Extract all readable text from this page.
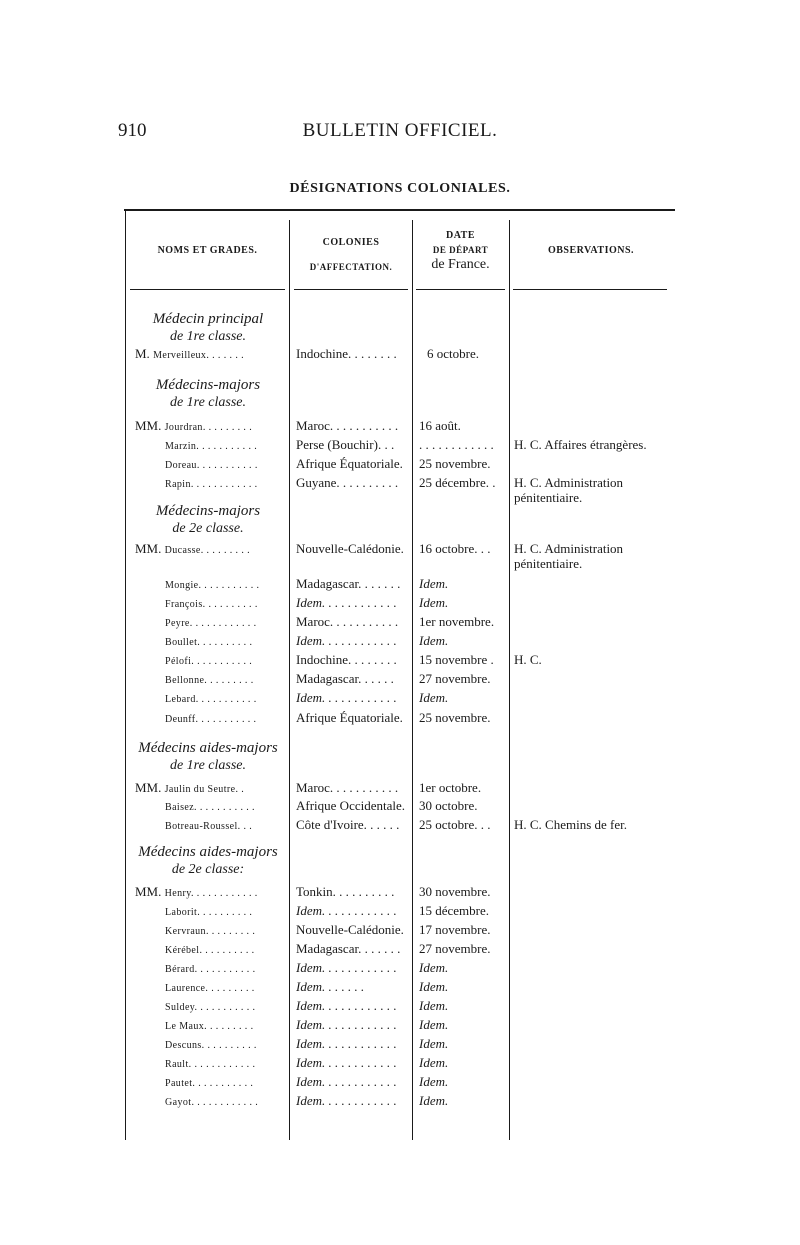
910	BULLETIN OFFICIEL.
DÉSIGNATIONS COLONIALES.
NOMS ET GRADES.
COLONIES
D'AFFECTATION.
DATE
DE DÉPART
de France.
OBSERVATIONS.
Médecin principal
de 1re classe.
Médecins-majors
de 1re classe.
Médecins-majors
de 2e classe.
Médecins aides-majors
de 1re classe.
Médecins aides-majors
de 2e classe:
M. Merveilleux. . . . . . .	Indochine. . . . . . . .	6 octobre.
MM. Jourdran. . . . . . . . .	Maroc. . . . . . . . . . .	16 août.
Marzin. . . . . . . . . . .	Perse (Bouchir). . .	. . . . . . . . . . . .	H. C. Affaires étrangères.
Doreau. . . . . . . . . . .	Afrique Équatoriale.	25 novembre.
Rapin. . . . . . . . . . . .	Guyane. . . . . . . . . .	25 décembre. .	H. C. Administration pénitentiaire.
MM. Ducasse. . . . . . . . .	Nouvelle-Calédonie.	16 octobre. . .	H. C. Administration pénitentiaire.
Mongie. . . . . . . . . . .	Madagascar. . . . . . .	Idem.
François. . . . . . . . . .	Idem. . . . . . . . . . . .	Idem.
Peyre. . . . . . . . . . . .	Maroc. . . . . . . . . . .	1er novembre.
Boullet. . . . . . . . . .	Idem. . . . . . . . . . . .	Idem.
Pélofi. . . . . . . . . . .	Indochine. . . . . . . .	15 novembre .	H. C.
Bellonne. . . . . . . . .	Madagascar. . . . . .	27 novembre.
Lebard. . . . . . . . . . .	Idem. . . . . . . . . . . .	Idem.
Deunff. . . . . . . . . . .	Afrique Équatoriale.	25 novembre.
MM. Jaulin du Seutre. .	Maroc. . . . . . . . . . .	1er octobre.
Baisez. . . . . . . . . . .	Afrique Occidentale. 30 octobre.
Botreau-Roussel. . .	Côte d'Ivoire. . . . . .	25 octobre. . .	H. C. Chemins de fer.
MM. Henry. . . . . . . . . . . .	Tonkin. . . . . . . . . .	30 novembre.
Laborit. . . . . . . . . .	Idem. . . . . . . . . . . .	15 décembre.
Kervraun. . . . . . . . .	Nouvelle-Calédonie.	17 novembre.
Kérébel. . . . . . . . . .	Madagascar. . . . . . .	27 novembre.
Bérard. . . . . . . . . . .	Idem. . . . . . . . . . . .	Idem.
Laurence. . . . . . . . .	Idem. . . . . . .	Idem.
Suldey. . . . . . . . . . .	Idem. . . . . . . . . . . .	Idem.
Le Maux. . . . . . . . .	Idem. . . . . . . . . . . .	Idem.
Descuns. . . . . . . . . .	Idem. . . . . . . . . . . .	Idem.
Rault. . . . . . . . . . . .	Idem. . . . . . . . . . . .	Idem.
Pautet. . . . . . . . . . .	Idem. . . . . . . . . . . .	Idem.
Gayot. . . . . . . . . . . .	Idem. . . . . . . . . . . .	Idem.
